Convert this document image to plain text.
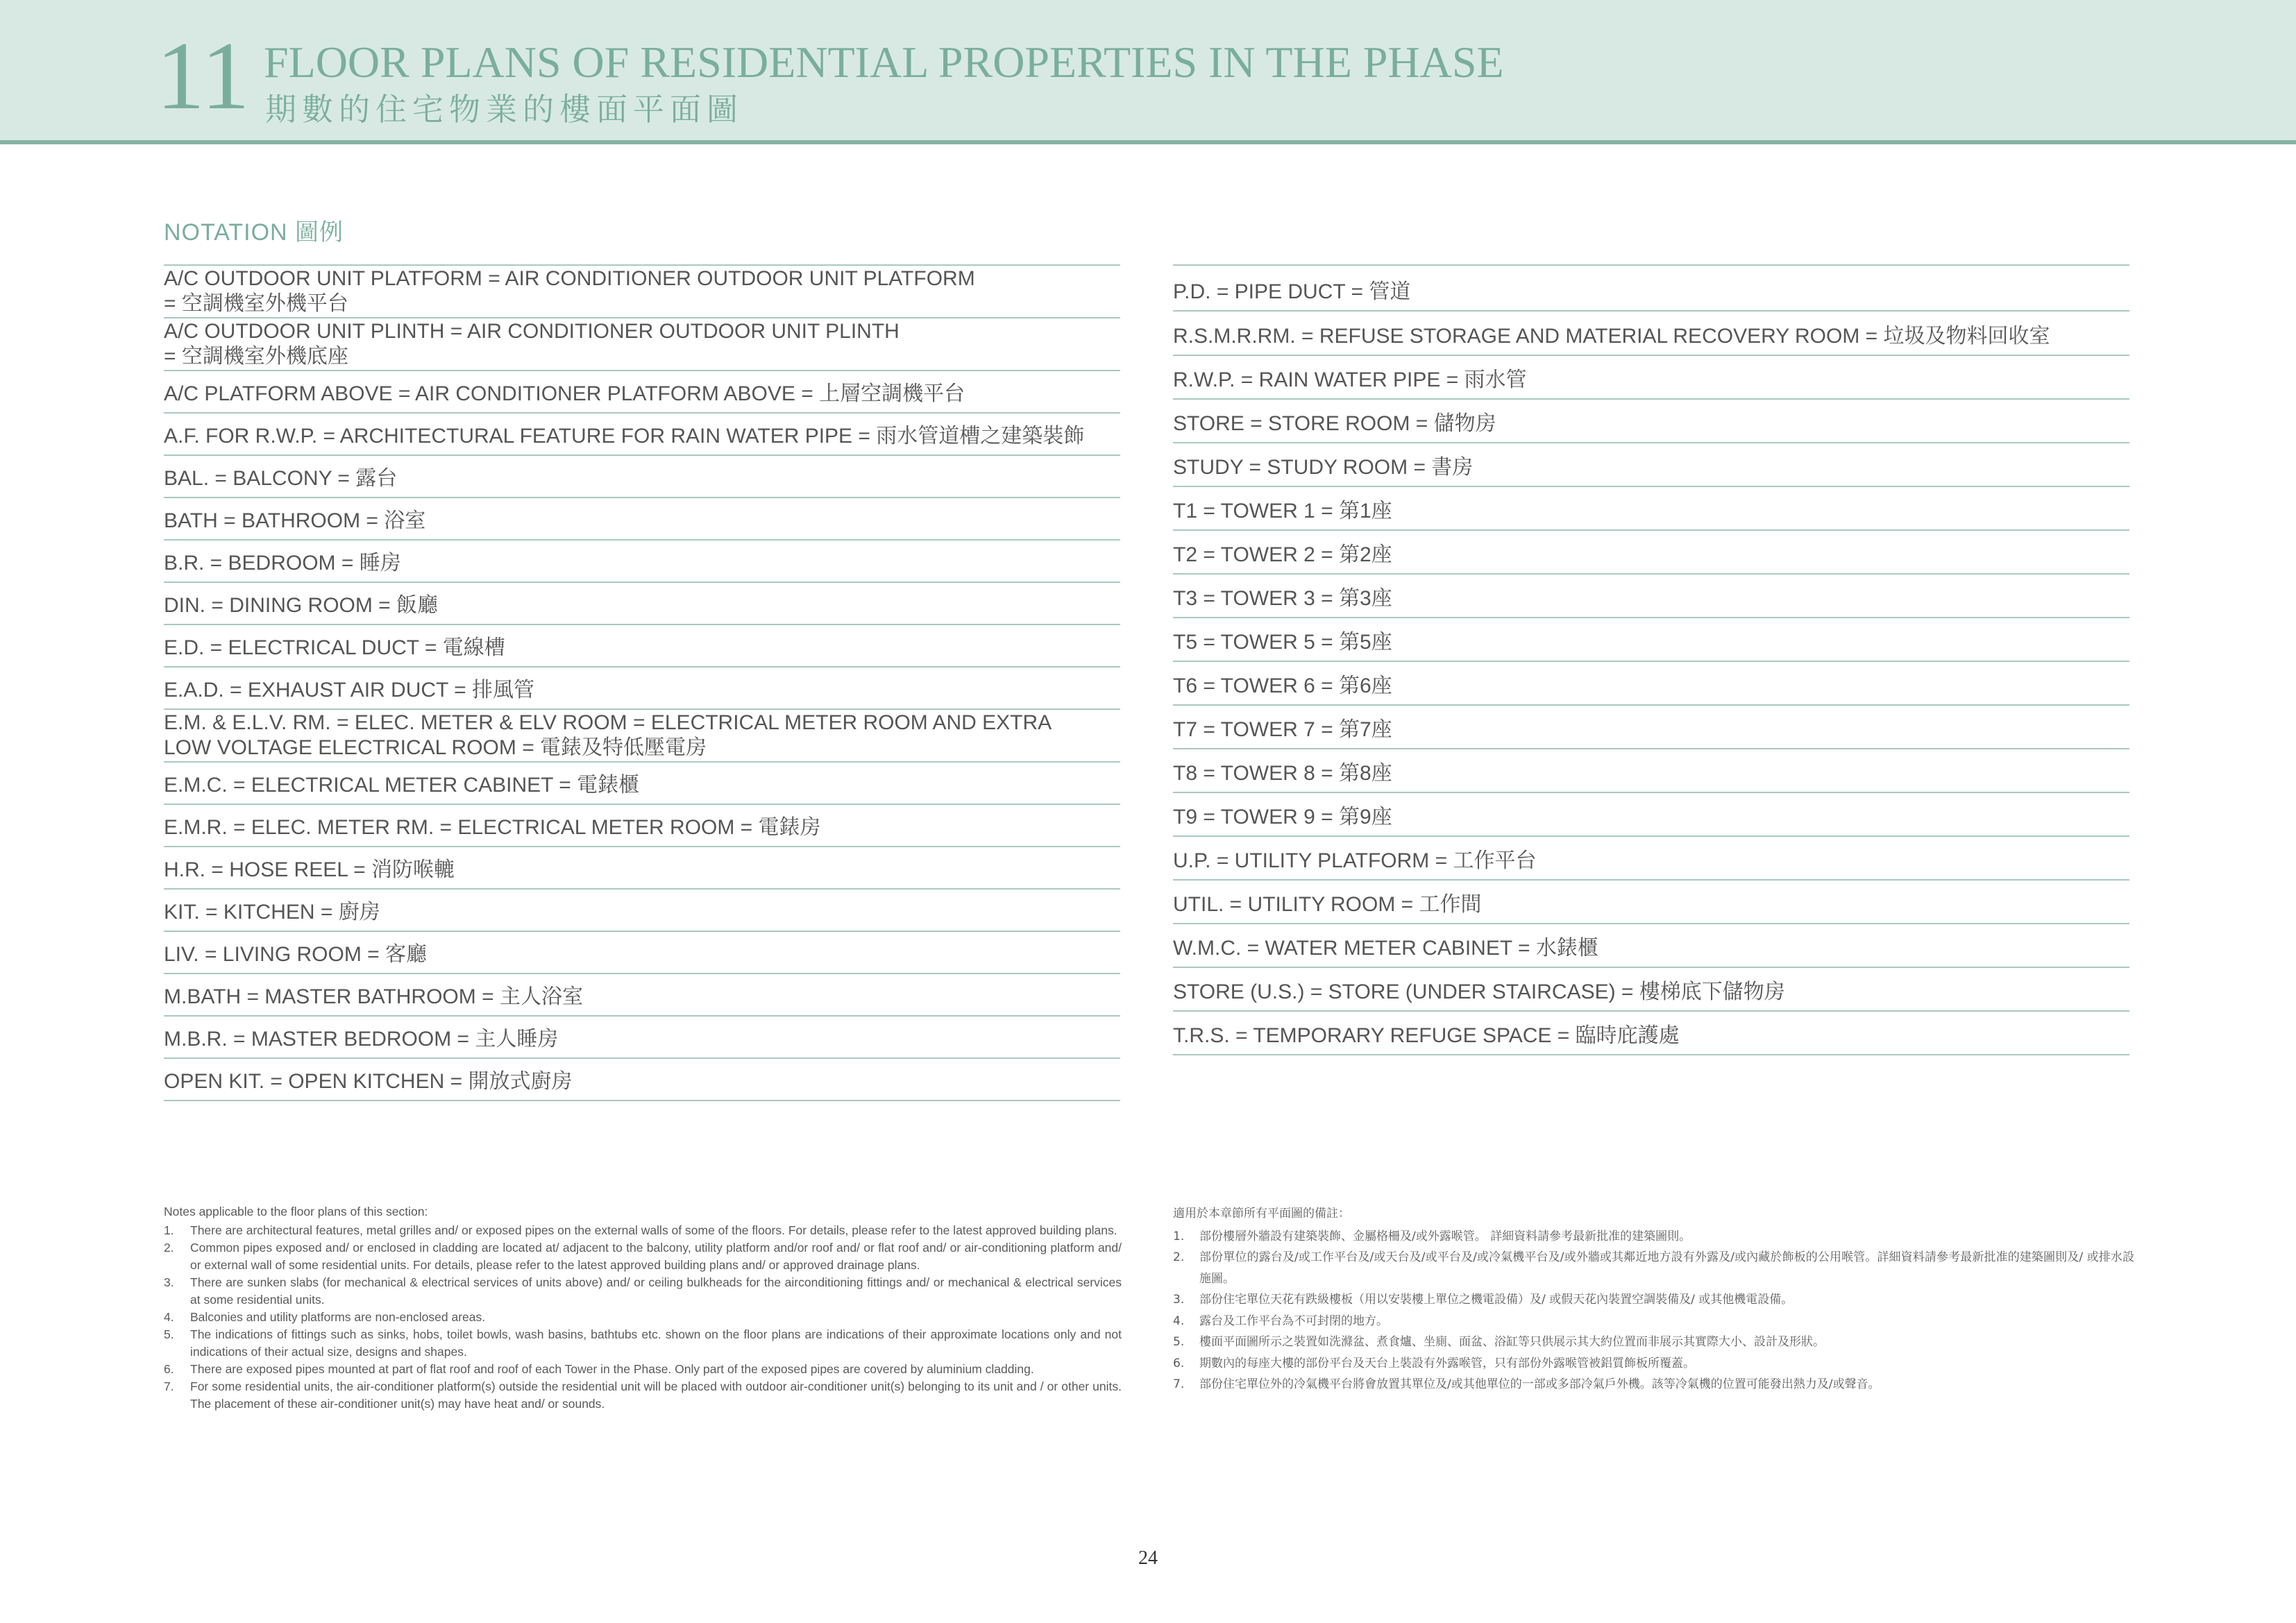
11 FLOOR PLANS OF RESIDENTIAL PROPERTIES IN THE PHASE
期數的住宅物業的樓面平面圖
NOTATION 圖例
A/C OUTDOOR UNIT PLATFORM = AIR CONDITIONER OUTDOOR UNIT PLATFORM
= 空調機室外機平台
A/C OUTDOOR UNIT PLINTH = AIR CONDITIONER OUTDOOR UNIT PLINTH
= 空調機室外機底座
A/C PLATFORM ABOVE = AIR CONDITIONER PLATFORM ABOVE = 上層空調機平台
A.F. FOR R.W.P. = ARCHITECTURAL FEATURE FOR RAIN WATER PIPE = 雨水管道槽之建築裝飾
BAL. = BALCONY = 露台
BATH = BATHROOM = 浴室
B.R. = BEDROOM = 睡房
DIN. = DINING ROOM = 飯廳
E.D. = ELECTRICAL DUCT = 電線槽
E.A.D. = EXHAUST AIR DUCT = 排風管
E.M. & E.L.V. RM. = ELEC. METER & ELV ROOM = ELECTRICAL METER ROOM AND EXTRA
LOW VOLTAGE ELECTRICAL ROOM = 電錶及特低壓電房
E.M.C. = ELECTRICAL METER CABINET = 電錶櫃
E.M.R. = ELEC. METER RM. = ELECTRICAL METER ROOM = 電錶房
H.R. = HOSE REEL = 消防喉轆
KIT. = KITCHEN = 廚房
LIV. = LIVING ROOM = 客廳
M.BATH = MASTER BATHROOM = 主人浴室
M.B.R. = MASTER BEDROOM = 主人睡房
OPEN KIT. = OPEN KITCHEN = 開放式廚房
P.D. = PIPE DUCT = 管道
R.S.M.R.RM. = REFUSE STORAGE AND MATERIAL RECOVERY ROOM = 垃圾及物料回收室
R.W.P. = RAIN WATER PIPE = 雨水管
STORE = STORE ROOM = 儲物房
STUDY = STUDY ROOM = 書房
T1 = TOWER 1 = 第1座
T2 = TOWER 2 = 第2座
T3 = TOWER 3 = 第3座
T5 = TOWER 5 = 第5座
T6 = TOWER 6 = 第6座
T7 = TOWER 7 = 第7座
T8 = TOWER 8 = 第8座
T9 = TOWER 9 = 第9座
U.P. = UTILITY PLATFORM = 工作平台
UTIL. = UTILITY ROOM = 工作間
W.M.C. = WATER METER CABINET = 水錶櫃
STORE (U.S.) = STORE (UNDER STAIRCASE) = 樓梯底下儲物房
T.R.S. = TEMPORARY REFUGE SPACE = 臨時庇護處
Notes applicable to the floor plans of this section:
1. There are architectural features, metal grilles and/ or exposed pipes on the external walls of some of the floors. For details, please refer to the latest approved building plans.
2. Common pipes exposed and/ or enclosed in cladding are located at/ adjacent to the balcony, utility platform and/or roof and/ or flat roof and/ or air-conditioning platform and/ or external wall of some residential units. For details, please refer to the latest approved building plans and/ or approved drainage plans.
3. There are sunken slabs (for mechanical & electrical services of units above) and/ or ceiling bulkheads for the airconditioning fittings and/ or mechanical & electrical services at some residential units.
4. Balconies and utility platforms are non-enclosed areas.
5. The indications of fittings such as sinks, hobs, toilet bowls, wash basins, bathtubs etc. shown on the floor plans are indications of their approximate locations only and not indications of their actual size, designs and shapes.
6. There are exposed pipes mounted at part of flat roof and roof of each Tower in the Phase. Only part of the exposed pipes are covered by aluminium cladding.
7. For some residential units, the air-conditioner platform(s) outside the residential unit will be placed with outdoor air-conditioner unit(s) belonging to its unit and / or other units. The placement of these air-conditioner unit(s) may have heat and/ or sounds.
適用於本章節所有平面圖的備註：
1. 部份樓層外牆設有建築裝飾、金屬格柵及/或外露喉管。 詳細資料請參考最新批准的建築圖則。
2. 部份單位的露台及/或工作平台及/或天台及/或平台及/或冷氣機平台及/或外牆或其鄰近地方設有外露及/或內藏於飾板的公用喉管。詳細資料請參考最新批准的建築圖則及/ 或排水設施圖。
3. 部份住宅單位天花有跌級樓板（用以安裝樓上單位之機電設備）及/ 或假天花內裝置空調裝備及/ 或其他機電設備。
4. 露台及工作平台為不可封閉的地方。
5. 樓面平面圖所示之裝置如洗滌盆、煮食爐、坐廁、面盆、浴缸等只供展示其大約位置而非展示其實際大小、設計及形狀。
6. 期數內的每座大樓的部份平台及天台上裝設有外露喉管，只有部份外露喉管被鋁質飾板所覆蓋。
7. 部份住宅單位外的冷氣機平台將會放置其單位及/或其他單位的一部或多部冷氣戶外機。該等冷氣機的位置可能發出熱力及/或聲音。
24
